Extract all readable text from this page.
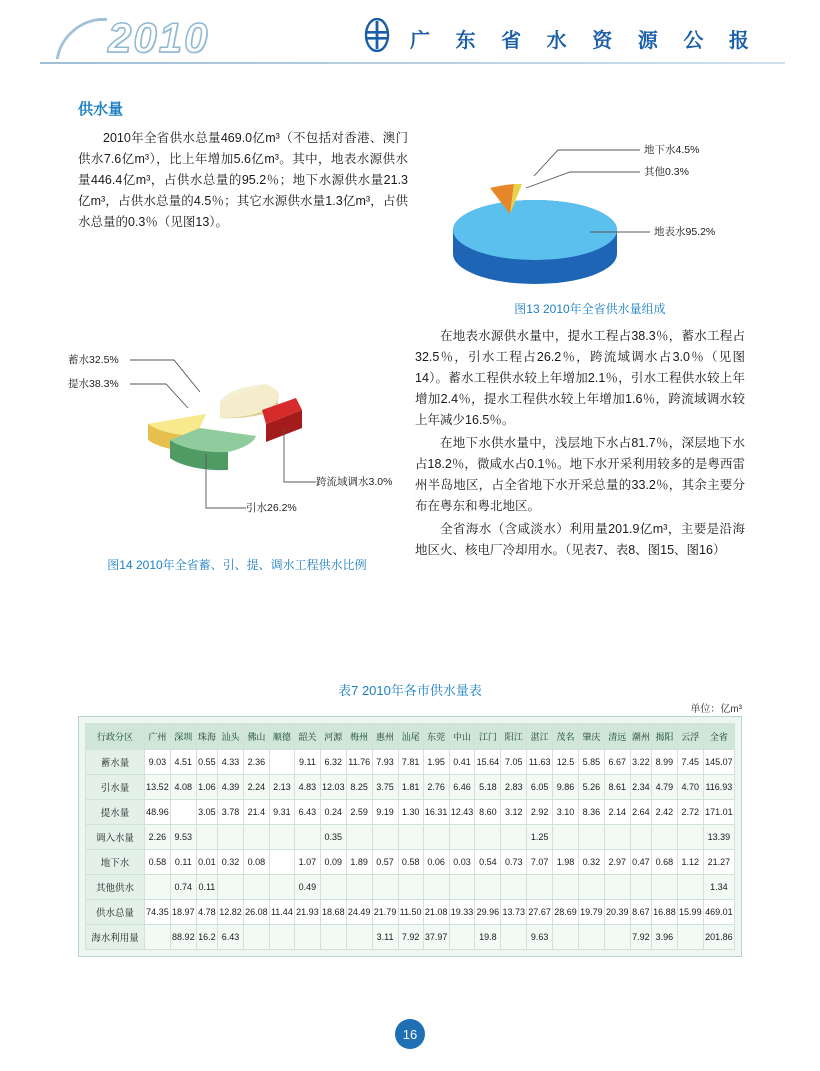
2010	广 东 省 水 资 源 公 报
供水量

2010年全省供水总量469.0亿m³（不包括对香港、澳门供水7.6亿m³），比上年增加5.6亿m³。其中，地表水源供水量446.4亿m³，占供水总量的95.2％；地下水源供水量21.3亿m³，占供水总量的4.5％；其它水源供水量1.3亿m³，占供水总量的0.3％（见图13）。

地下水4.5%
其他0.3%
地表水95.2%
图13 2010年全省供水量组成

在地表水源供水量中，提水工程占38.3％，蓄水工程占32.5％，引水工程占26.2％，跨流域调水占3.0％（见图14）。蓄水工程供水较上年增加2.1％，引水工程供水较上年增加2.4％，提水工程供水较上年增加1.6％，跨流域调水较上年减少16.5％。

在地下水供水量中，浅层地下水占81.7％，深层地下水占18.2％，微咸水占0.1％。地下水开采利用较多的是粤西雷州半岛地区，占全省地下水开采总量的33.2％，其余主要分布在粤东和粤北地区。

全省海水（含咸淡水）利用量201.9亿m³，主要是沿海地区火、核电厂冷却用水。（见表7、表8、图15、图16）

蓄水32.5%
提水38.3%
跨流域调水3.0%
引水26.2%
图14 2010年全省蓄、引、提、调水工程供水比例
表7 2010年各市供水量表
单位：亿m³
行政分区	广州	深圳	珠海	汕头	佛山	顺德	韶关	河源	梅州	惠州	汕尾	东莞	中山	江门	阳江	湛江	茂名	肇庆	清远	潮州	揭阳	云浮	全省
蓄水量	9.03	4.51	0.55	4.33	2.36		9.11	6.32	11.76	7.93	7.81	1.95	0.41	15.64	7.05	11.63	12.5	5.85	6.67	3.22	8.99	7.45	145.07
引水量	13.52	4.08	1.06	4.39	2.24	2.13	4.83	12.03	8.25	3.75	1.81	2.76	6.46	5.18	2.83	6.05	9.86	5.26	8.61	2.34	4.79	4.70	116.93
提水量	48.96		3.05	3.78	21.4	9.31	6.43	0.24	2.59	9.19	1.30	16.31	12.43	8.60	3.12	2.92	3.10	8.36	2.14	2.64	2.42	2.72	171.01
调入水量	2.26	9.53						0.35								1.25							13.39
地下水	0.58	0.11	0.01	0.32	0.08		1.07	0.09	1.89	0.57	0.58	0.06	0.03	0.54	0.73	7.07	1.98	0.32	2.97	0.47	0.68	1.12	21.27
其他供水		0.74	0.11				0.49																1.34
供水总量	74.35	18.97	4.78	12.82	26.08	11.44	21.93	18.68	24.49	21.79	11.50	21.08	19.33	29.96	13.73	27.67	28.69	19.79	20.39	8.67	16.88	15.99	469.01
海水利用量		88.92	16.2	6.43						3.11	7.92	37.97		19.8		9.63				7.92	3.96		201.86
16
